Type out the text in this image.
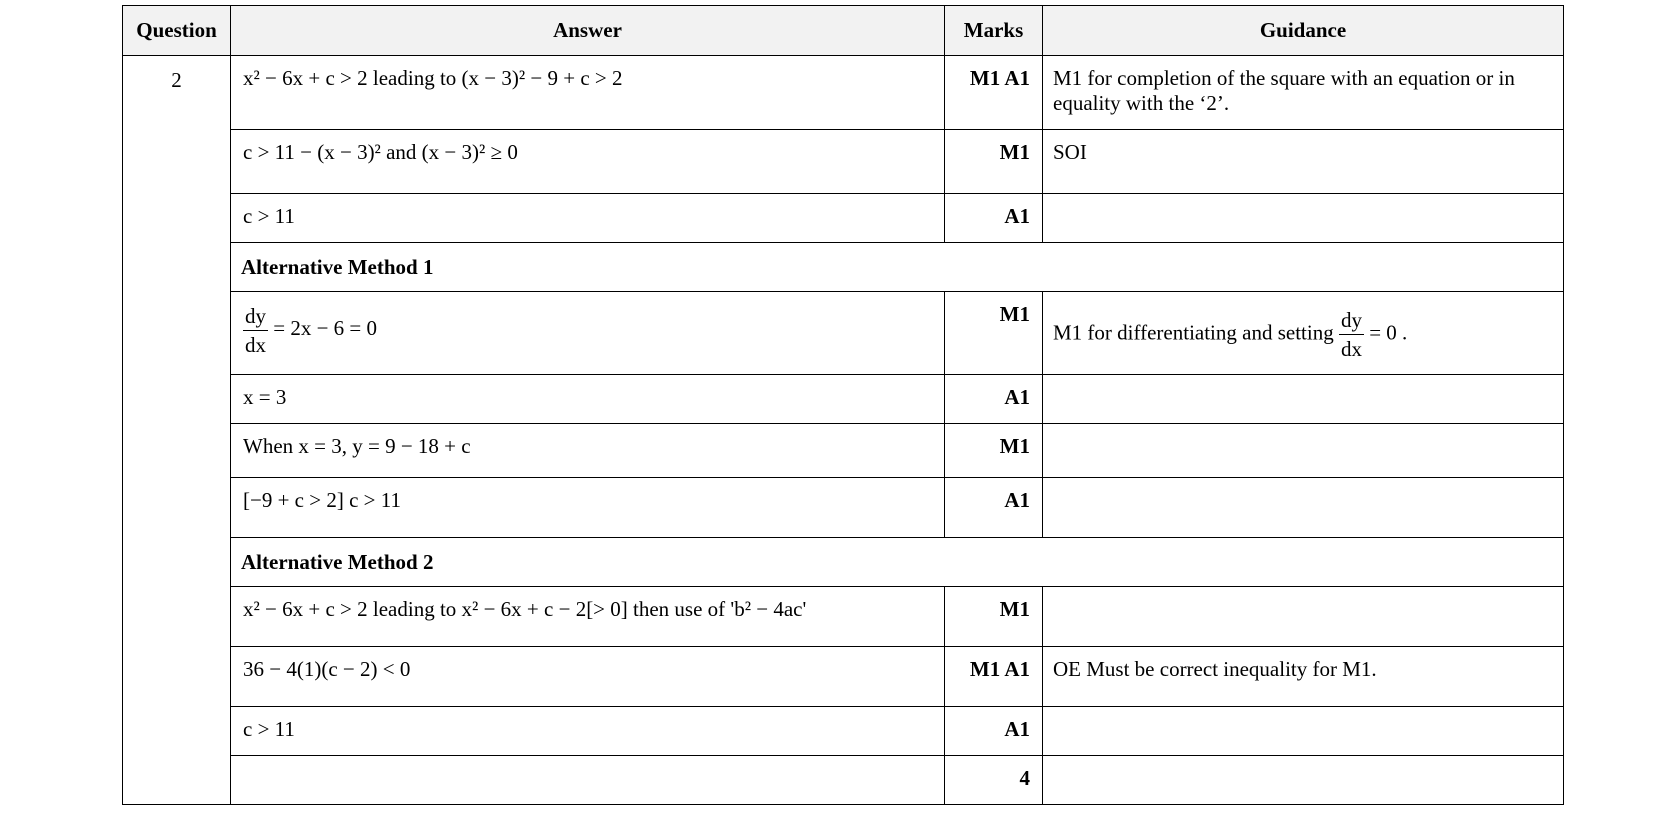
Question	Answer	Marks	Guidance
2	x² − 6x + c > 2 leading to (x − 3)² − 9 + c > 2	M1 A1	M1 for completion of the square with an equation or in equality with the ‘2’.
	c > 11 − (x − 3)² and (x − 3)² ≥ 0	M1	SOI
	c > 11	A1	
	Alternative Method 1		

	$\frac{dy}{dx} = 2x - 6 = 0$	M1	M1 for differentiating and setting $\frac{dy}{dx} = 0$ .
	x = 3	A1	
	When x = 3, y = 9 − 18 + c	M1	
	[−9 + c > 2] c > 11	A1	
	Alternative Method 2		
	x² − 6x + c > 2 leading to x² − 6x + c − 2[> 0] then use of 'b² − 4ac'	M1	
	36 − 4(1)(c − 2) < 0	M1 A1	OE Must be correct inequality for M1.
	c > 11	A1	
		4	
